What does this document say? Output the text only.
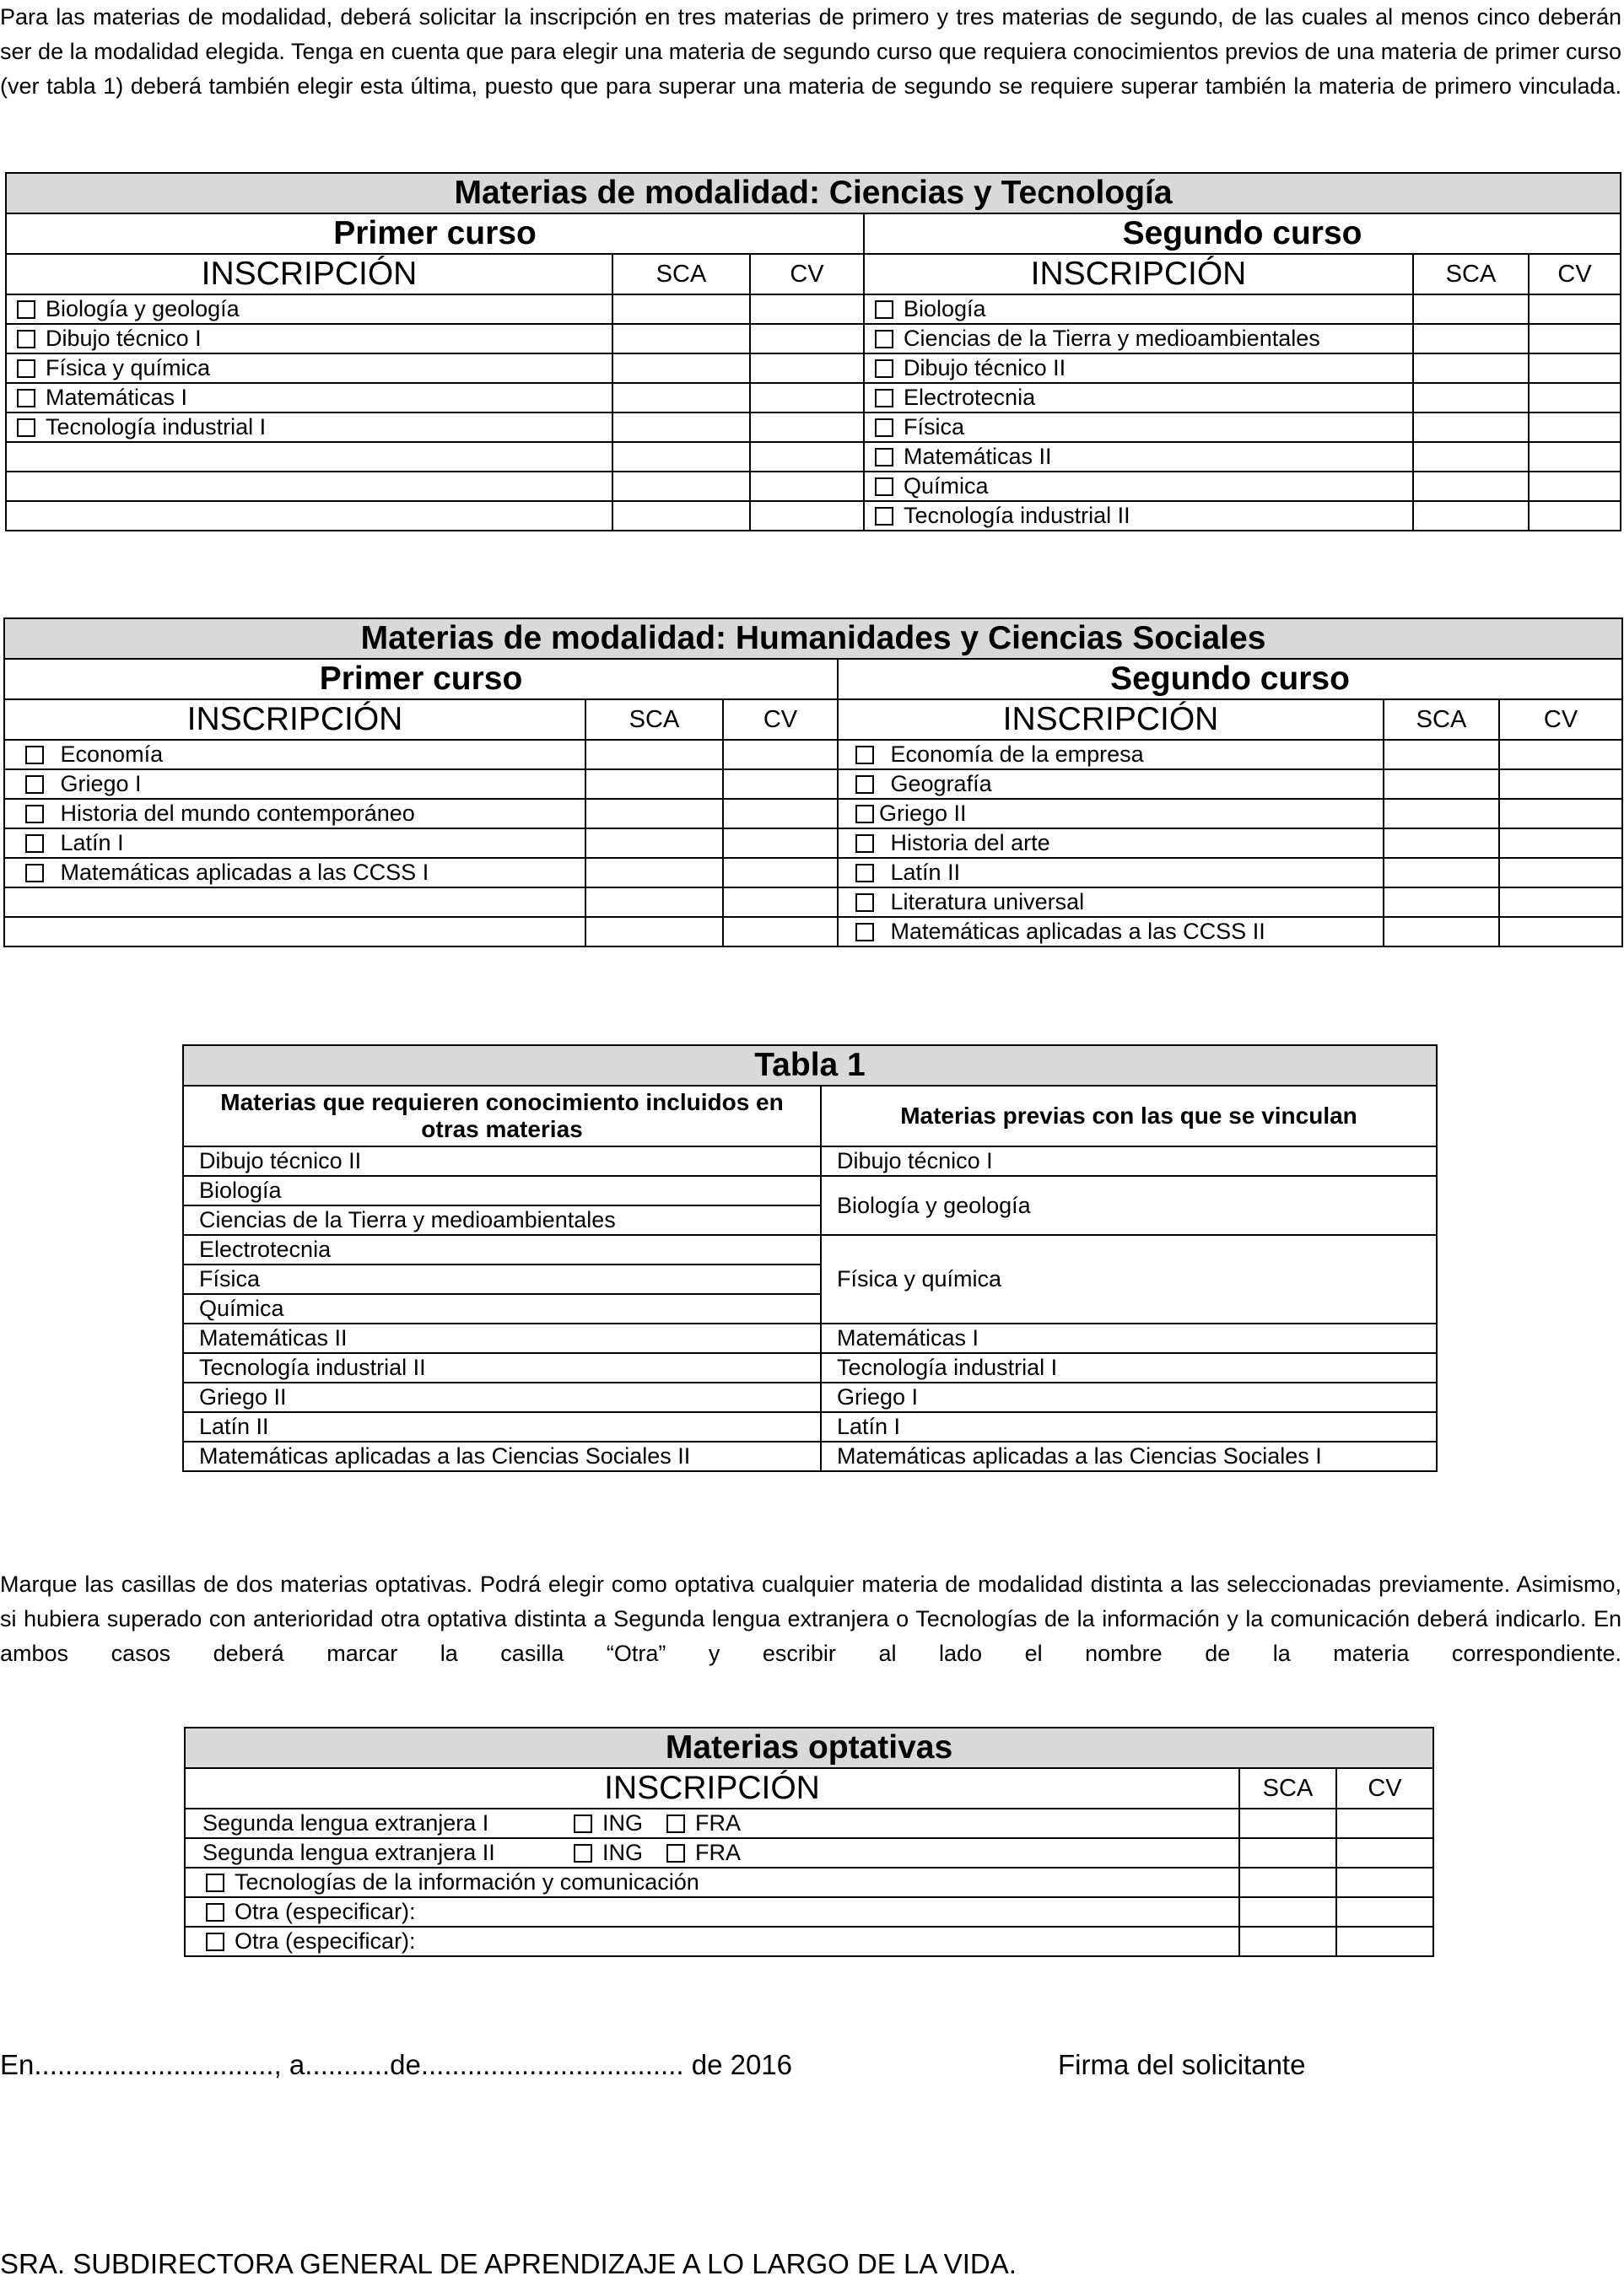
Para las materias de modalidad, deberá solicitar la inscripción en tres materias de primero y tres materias de segundo, de las cuales al menos cinco deberán ser de la modalidad elegida. Tenga en cuenta que para elegir una materia de segundo curso que requiera conocimientos previos de una materia de primer curso (ver tabla 1) deberá también elegir esta última, puesto que para superar una materia de segundo se requiere superar también la materia de primero vinculada.

Materias de modalidad: Ciencias y Tecnología					
Primer curso			Segundo curso		
INSCRIPCIÓN	SCA	CV	INSCRIPCIÓN	SCA	CV
Biología y geología			Biología		
Dibujo técnico I			Ciencias de la Tierra y medioambientales		
Física y química			Dibujo técnico II		
Matemáticas I			Electrotecnia		
Tecnología industrial I			Física		
			Matemáticas II		
			Química		
			Tecnología industrial II		
Materias de modalidad: Humanidades y Ciencias Sociales					
Primer curso			Segundo curso		
INSCRIPCIÓN	SCA	CV	INSCRIPCIÓN	SCA	CV
Economía			Economía de la empresa		
Griego I			Geografía		
Historia del mundo contemporáneo			Griego II		
Latín I			Historia del arte		
Matemáticas aplicadas a las CCSS I			Latín II		
			Literatura universal		
			Matemáticas aplicadas a las CCSS II		
Tabla 1	
Materias que requieren conocimiento incluidos en otras materias	Materias previas con las que se vinculan
Dibujo técnico II	Dibujo técnico I
Biología	Biología y geología
Ciencias de la Tierra y medioambientales	
Electrotecnia	Física y química
Física	
Química	
Matemáticas II	Matemáticas I
Tecnología industrial II	Tecnología industrial I
Griego II	Griego I
Latín II	Latín I
Matemáticas aplicadas a las Ciencias Sociales II	Matemáticas aplicadas a las Ciencias Sociales I

Marque las casillas de dos materias optativas. Podrá elegir como optativa cualquier materia de modalidad distinta a las seleccionadas previamente. Asimismo, si hubiera superado con anterioridad otra optativa distinta a Segunda lengua extranjera o Tecnologías de la información y la comunicación deberá indicarlo. En ambos casos deberá marcar la casilla “Otra” y escribir al lado el nombre de la materia correspondiente.

Materias optativas		
INSCRIPCIÓN	SCA	CV
Segunda lengua extranjera I ING FRA		
Segunda lengua extranjera II ING FRA		
Tecnologías de la información y comunicación		
Otra (especificar):		
Otra (especificar):		
En..............................., a...........de.................................. de 2016	Firma del solicitante
SRA. SUBDIRECTORA GENERAL DE APRENDIZAJE A LO LARGO DE LA VIDA.
